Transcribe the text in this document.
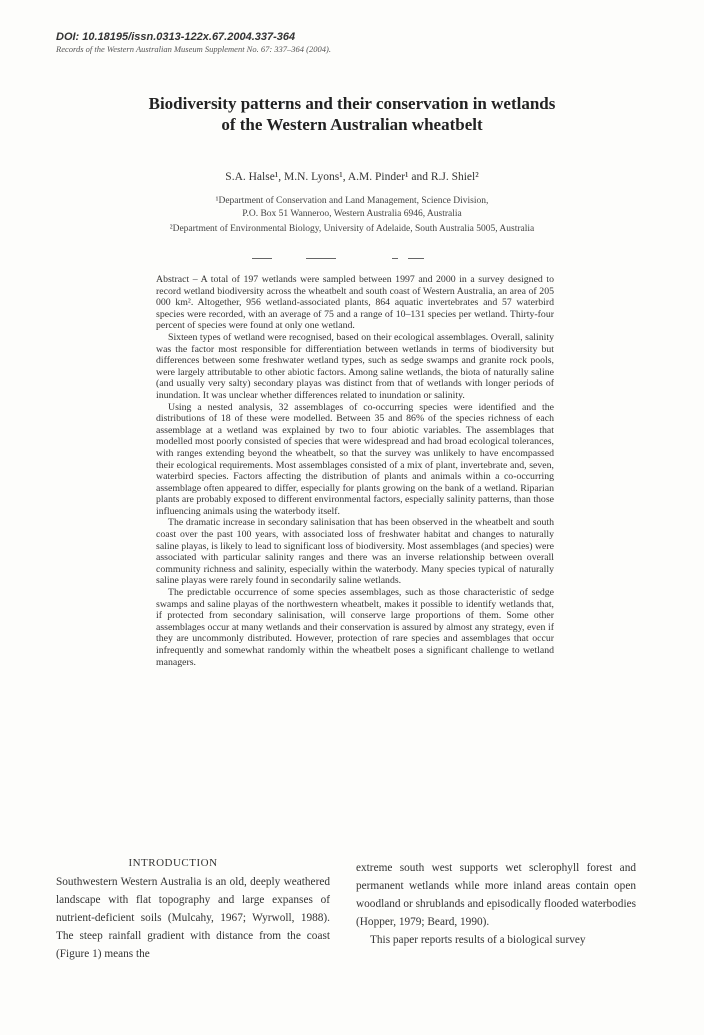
DOI: 10.18195/issn.0313-122x.67.2004.337-364
Records of the Western Australian Museum Supplement No. 67: 337–364 (2004).
Biodiversity patterns and their conservation in wetlands
of the Western Australian wheatbelt
S.A. Halse¹, M.N. Lyons¹, A.M. Pinder¹ and R.J. Shiel²
¹Department of Conservation and Land Management, Science Division,
P.O. Box 51 Wanneroo, Western Australia 6946, Australia
²Department of Environmental Biology, University of Adelaide, South Australia 5005, Australia

Abstract – A total of 197 wetlands were sampled between 1997 and 2000 in a survey designed to record wetland biodiversity across the wheatbelt and south coast of Western Australia, an area of 205 000 km². Altogether, 956 wetland-associated plants, 864 aquatic invertebrates and 57 waterbird species were recorded, with an average of 75 and a range of 10–131 species per wetland. Thirty-four percent of species were found at only one wetland.

Sixteen types of wetland were recognised, based on their ecological assemblages. Overall, salinity was the factor most responsible for differentiation between wetlands in terms of biodiversity but differences between some freshwater wetland types, such as sedge swamps and granite rock pools, were largely attributable to other abiotic factors. Among saline wetlands, the biota of naturally saline (and usually very salty) secondary playas was distinct from that of wetlands with longer periods of inundation. It was unclear whether differences related to inundation or salinity.

Using a nested analysis, 32 assemblages of co-occurring species were identified and the distributions of 18 of these were modelled. Between 35 and 86% of the species richness of each assemblage at a wetland was explained by two to four abiotic variables. The assemblages that modelled most poorly consisted of species that were widespread and had broad ecological tolerances, with ranges extending beyond the wheatbelt, so that the survey was unlikely to have encompassed their ecological requirements. Most assemblages consisted of a mix of plant, invertebrate and, seven, waterbird species. Factors affecting the distribution of plants and animals within a co-occurring assemblage often appeared to differ, especially for plants growing on the bank of a wetland. Riparian plants are probably exposed to different environmental factors, especially salinity patterns, than those influencing animals using the waterbody itself.

The dramatic increase in secondary salinisation that has been observed in the wheatbelt and south coast over the past 100 years, with associated loss of freshwater habitat and changes to naturally saline playas, is likely to lead to significant loss of biodiversity. Most assemblages (and species) were associated with particular salinity ranges and there was an inverse relationship between overall community richness and salinity, especially within the waterbody. Many species typical of naturally saline playas were rarely found in secondarily saline wetlands.

The predictable occurrence of some species assemblages, such as those characteristic of sedge swamps and saline playas of the northwestern wheatbelt, makes it possible to identify wetlands that, if protected from secondary salinisation, will conserve large proportions of them. Some other assemblages occur at many wetlands and their conservation is assured by almost any strategy, even if they are uncommonly distributed. However, protection of rare species and assemblages that occur infrequently and somewhat randomly within the wheatbelt poses a significant challenge to wetland managers.

INTRODUCTION

Southwestern Western Australia is an old, deeply weathered landscape with flat topography and large expanses of nutrient-deficient soils (Mulcahy, 1967; Wyrwoll, 1988). The steep rainfall gradient with distance from the coast (Figure 1) means the

extreme south west supports wet sclerophyll forest and permanent wetlands while more inland areas contain open woodland or shrublands and episodically flooded waterbodies (Hopper, 1979; Beard, 1990).

This paper reports results of a biological survey
